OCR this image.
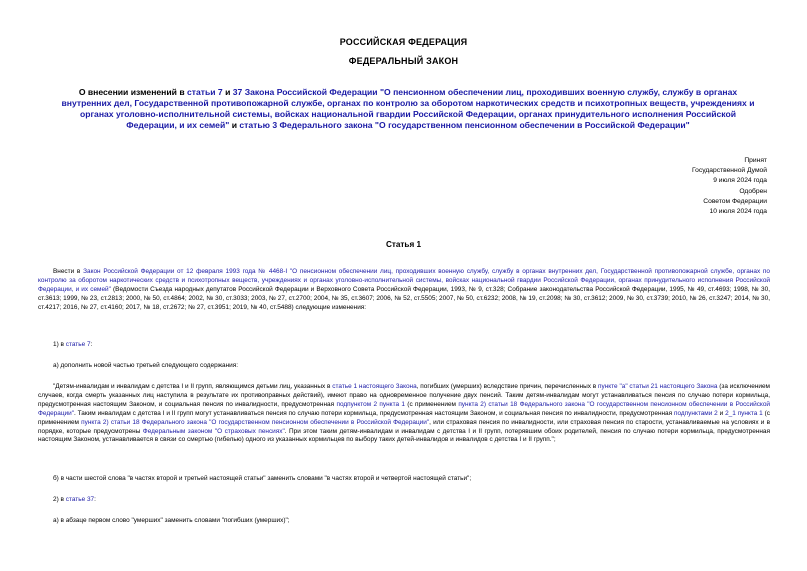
РОССИЙСКАЯ ФЕДЕРАЦИЯ
ФЕДЕРАЛЬНЫЙ ЗАКОН
О внесении изменений в статьи 7 и 37 Закона Российской Федерации "О пенсионном обеспечении лиц, проходивших военную службу, службу в органах внутренних дел, Государственной противопожарной службе, органах по контролю за оборотом наркотических средств и психотропных веществ, учреждениях и органах уголовно-исполнительной системы, войсках национальной гвардии Российской Федерации, органах принудительного исполнения Российской Федерации, и их семей" и статью 3 Федерального закона "О государственном пенсионном обеспечении в Российской Федерации"
Принят
Государственной Думой
9 июля 2024 года
Одобрен
Советом Федерации
10 июля 2024 года
Статья 1
Внести в Закон Российской Федерации от 12 февраля 1993 года № 4468-I "О пенсионном обеспечении лиц, проходивших военную службу, службу в органах внутренних дел, Государственной противопожарной службе, органах по контролю за оборотом наркотических средств и психотропных веществ, учреждениях и органах уголовно-исполнительной системы, войсках национальной гвардии Российской Федерации, органах принудительного исполнения Российской Федерации, и их семей" (Ведомости Съезда народных депутатов Российской Федерации и Верховного Совета Российской Федерации, 1993, № 9, ст.328; Собрание законодательства Российской Федерации, 1995, № 49, ст.4693; 1998, № 30, ст.3613; 1999, № 23, ст.2813; 2000, № 50, ст.4864; 2002, № 30, ст.3033; 2003, № 27, ст.2700; 2004, № 35, ст.3607; 2006, № 52, ст.5505; 2007, № 50, ст.6232; 2008, № 19, ст.2098; № 30, ст.3612; 2009, № 30, ст.3739; 2010, № 26, ст.3247; 2014, № 30, ст.4217; 2016, № 27, ст.4160; 2017, № 18, ст.2672; № 27, ст.3951; 2019, № 40, ст.5488) следующие изменения:
1) в статье 7:
а) дополнить новой частью третьей следующего содержания:
"Детям-инвалидам и инвалидам с детства I и II групп, являющимся детьми лиц, указанных в статье 1 настоящего Закона, погибших (умерших) вследствие причин, перечисленных в пункте "а" статьи 21 настоящего Закона (за исключением случаев, когда смерть указанных лиц наступила в результате их противоправных действий), имеют право на одновременное получение двух пенсий. Таким детям-инвалидам могут устанавливаться пенсия по случаю потери кормильца, предусмотренная настоящим Законом, и социальная пенсия по инвалидности, предусмотренная подпунктом 2 пункта 1 (с применением пункта 2) статьи 18 Федерального закона "О государственном пенсионном обеспечении в Российской Федерации". Таким инвалидам с детства I и II групп могут устанавливаться пенсия по случаю потери кормильца, предусмотренная настоящим Законом, и социальная пенсия по инвалидности, предусмотренная подпунктами 2 и 2_1 пункта 1 (с применением пункта 2) статьи 18 Федерального закона "О государственном пенсионном обеспечении в Российской Федерации", или страховая пенсия по инвалидности, или страховая пенсия по старости, устанавливаемые на условиях и в порядке, которые предусмотрены Федеральным законом "О страховых пенсиях". При этом таким детям-инвалидам и инвалидам с детства I и II групп, потерявшим обоих родителей, пенсия по случаю потери кормильца, предусмотренная настоящим Законом, устанавливается в связи со смертью (гибелью) одного из указанных кормильцев по выбору таких детей-инвалидов и инвалидов с детства I и II групп.";
б) в части шестой слова "в частях второй и третьей настоящей статьи" заменить словами "в частях второй и четвертой настоящей статьи";
2) в статье 37:
а) в абзаце первом слово "умерших" заменить словами "погибших (умерших)";
